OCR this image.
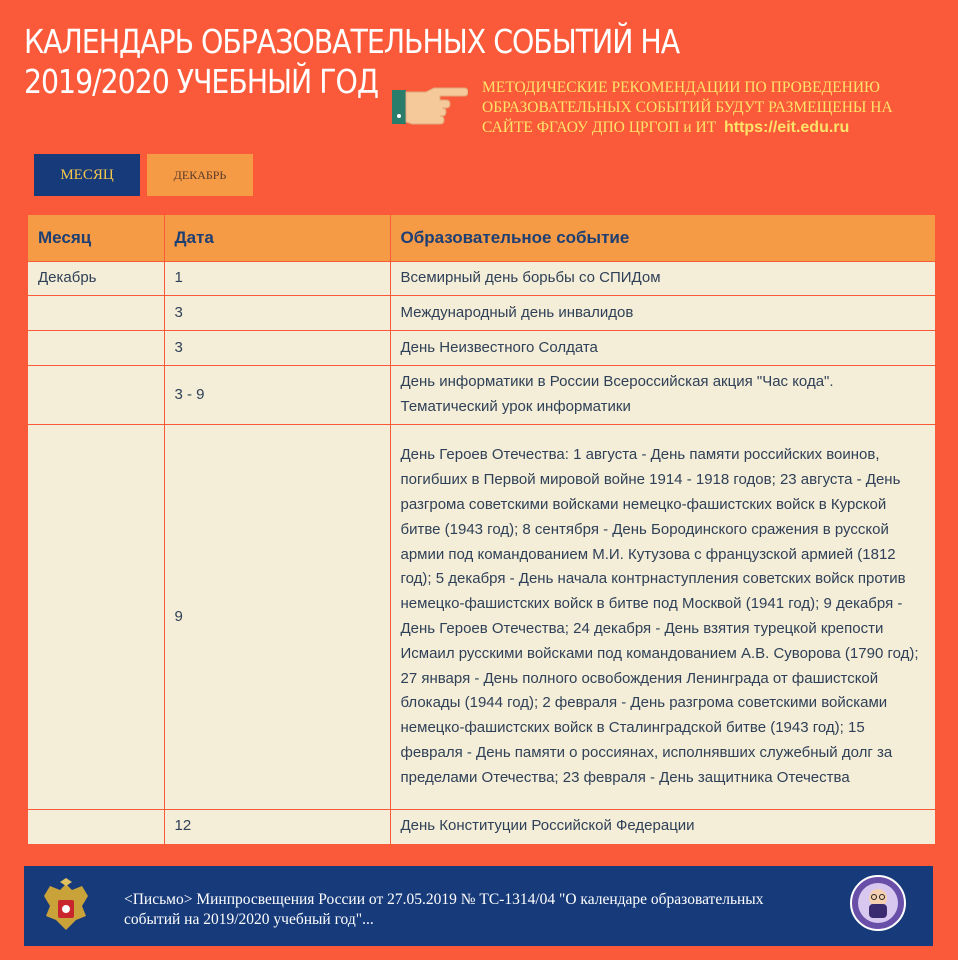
КАЛЕНДАРЬ ОБРАЗОВАТЕЛЬНЫХ СОБЫТИЙ НА 2019/2020 УЧЕБНЫЙ ГОД	МЕТОДИЧЕСКИЕ РЕКОМЕНДАЦИИ ПО ПРОВЕДЕНИЮ ОБРАЗОВАТЕЛЬНЫХ СОБЫТИЙ БУДУТ РАЗМЕЩЕНЫ НА САЙТЕ ФГАОУ ДПО ЦРГОП и ИТ https://eit.edu.ru
МЕСЯЦ	ДЕКАБРЬ
Месяц	Дата	Образовательное событие
Декабрь	1	Всемирный день борьбы со СПИДом
	3	Международный день инвалидов
	3	День Неизвестного Солдата
	3 - 9	День информатики в России Всероссийская акция "Час кода". Тематический урок информатики
	9	День Героев Отечества: 1 августа - День памяти российских воинов, погибших в Первой мировой войне 1914 - 1918 годов; 23 августа - День разгрома советскими войсками немецко-фашистских войск в Курской битве (1943 год); 8 сентября - День Бородинского сражения в русской армии под командованием М.И. Кутузова с французской армией (1812 год); 5 декабря - День начала контрнаступления советских войск против немецко-фашистских войск в битве под Москвой (1941 год); 9 декабря - День Героев Отечества; 24 декабря - День взятия турецкой крепости Исмаил русскими войсками под командованием А.В. Суворова (1790 год); 27 января - День полного освобождения Ленинграда от фашистской блокады (1944 год); 2 февраля - День разгрома советскими войсками немецко-фашистских войск в Сталинградской битве (1943 год); 15 февраля - День памяти о россиянах, исполнявших служебный долг за пределами Отечества; 23 февраля - День защитника Отечества
	12	День Конституции Российской Федерации
<Письмо> Минпросвещения России от 27.05.2019 № ТС-1314/04 "О календаре образовательных событий на 2019/2020 учебный год"...
